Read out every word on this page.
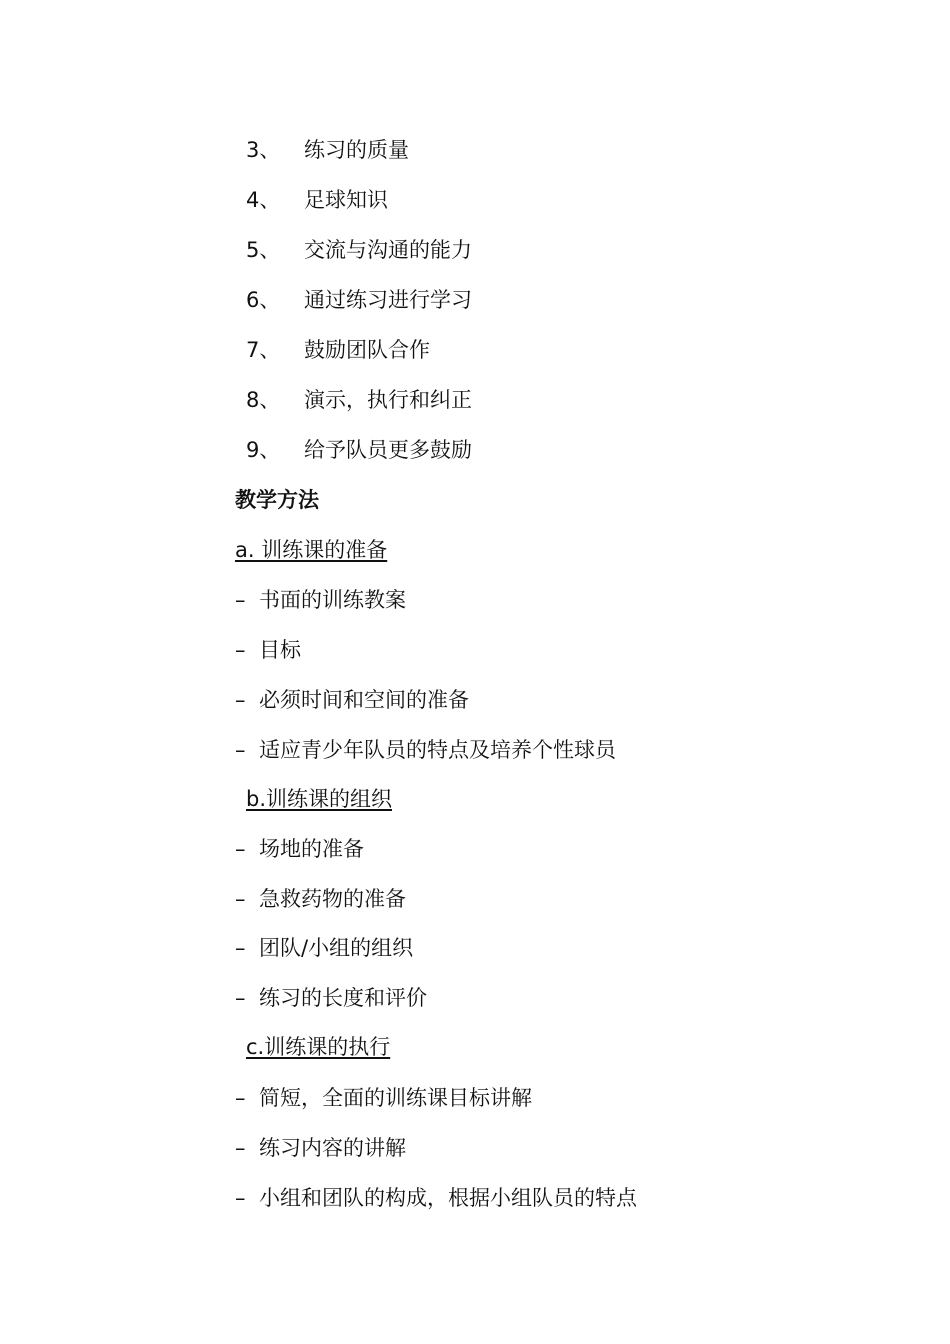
3、 练习的质量
4、 足球知识
5、 交流与沟通的能力
6、 通过练习进行学习
7、 鼓励团队合作
8、 演示，执行和纠正
9、 给予队员更多鼓励
教学方法
a. 训练课的准备
– 书面的训练教案
– 目标
– 必须时间和空间的准备
– 适应青少年队员的特点及培养个性球员
b.训练课的组织
– 场地的准备
– 急救药物的准备
– 团队/小组的组织
– 练习的长度和评价
c.训练课的执行
– 简短，全面的训练课目标讲解
– 练习内容的讲解
– 小组和团队的构成，根据小组队员的特点
